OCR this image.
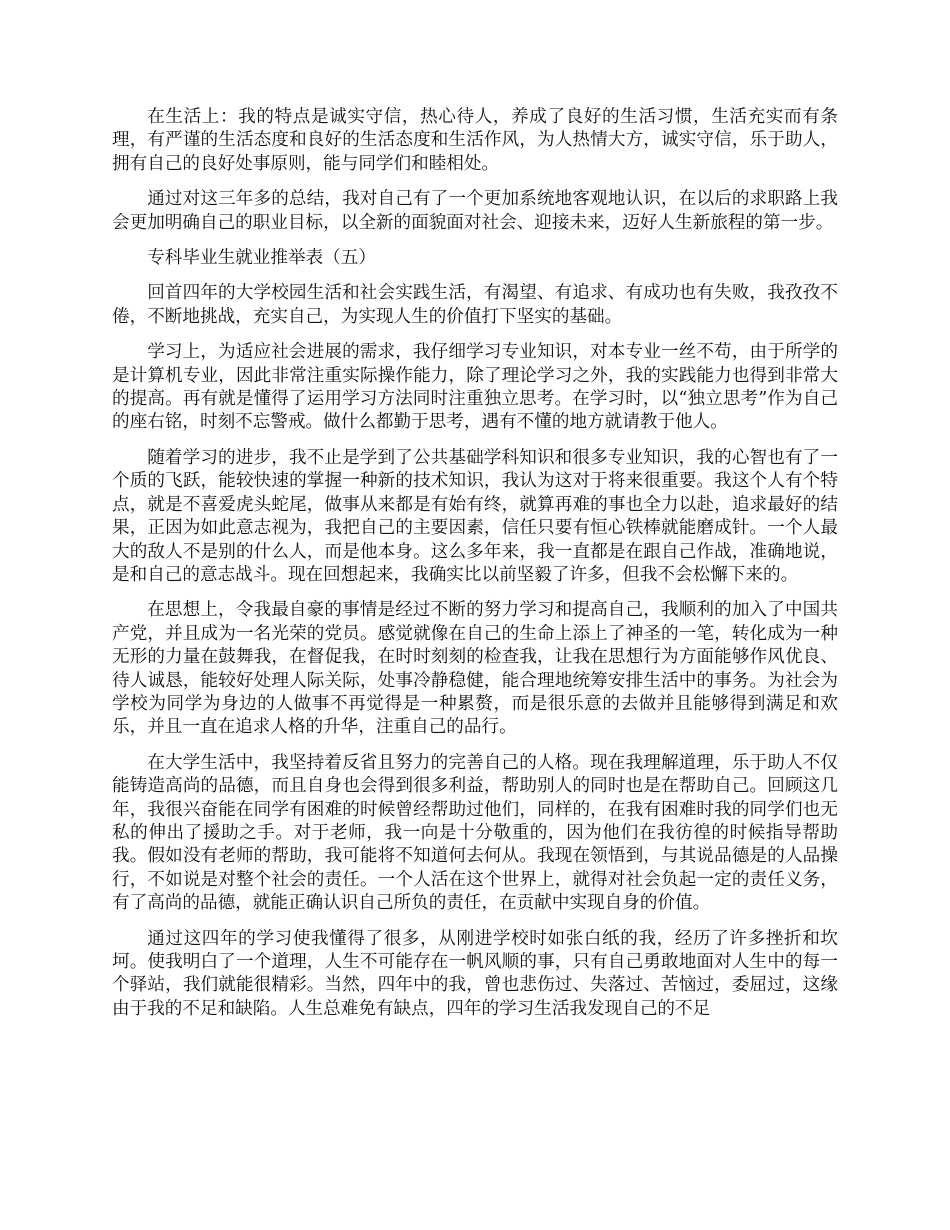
在生活上：我的特点是诚实守信，热心待人，养成了良好的生活习惯，生活充实而有条理，有严谨的生活态度和良好的生活态度和生活作风，为人热情大方，诚实守信，乐于助人，拥有自己的良好处事原则，能与同学们和睦相处。

通过对这三年多的总结，我对自己有了一个更加系统地客观地认识，在以后的求职路上我会更加明确自己的职业目标，以全新的面貌面对社会、迎接未来，迈好人生新旅程的第一步。

专科毕业生就业推举表（五）

回首四年的大学校园生活和社会实践生活，有渴望、有追求、有成功也有失败，我孜孜不倦，不断地挑战，充实自己，为实现人生的价值打下坚实的基础。

学习上，为适应社会进展的需求，我仔细学习专业知识，对本专业一丝不苟，由于所学的是计算机专业，因此非常注重实际操作能力，除了理论学习之外，我的实践能力也得到非常大的提高。再有就是懂得了运用学习方法同时注重独立思考。在学习时，以“独立思考”作为自己的座右铭，时刻不忘警戒。做什么都勤于思考，遇有不懂的地方就请教于他人。

随着学习的进步，我不止是学到了公共基础学科知识和很多专业知识，我的心智也有了一个质的飞跃，能较快速的掌握一种新的技术知识，我认为这对于将来很重要。我这个人有个特点，就是不喜爱虎头蛇尾，做事从来都是有始有终，就算再难的事也全力以赴，追求最好的结果，正因为如此意志视为，我把自己的主要因素，信任只要有恒心铁棒就能磨成针。一个人最大的敌人不是别的什么人，而是他本身。这么多年来，我一直都是在跟自己作战，准确地说，是和自己的意志战斗。现在回想起来，我确实比以前坚毅了许多，但我不会松懈下来的。

在思想上，令我最自豪的事情是经过不断的努力学习和提高自己，我顺利的加入了中国共产党，并且成为一名光荣的党员。感觉就像在自己的生命上添上了神圣的一笔，转化成为一种无形的力量在鼓舞我，在督促我，在时时刻刻的检查我，让我在思想行为方面能够作风优良、待人诚恳，能较好处理人际关际，处事冷静稳健，能合理地统筹安排生活中的事务。为社会为学校为同学为身边的人做事不再觉得是一种累赘，而是很乐意的去做并且能够得到满足和欢乐，并且一直在追求人格的升华，注重自己的品行。

在大学生活中，我坚持着反省且努力的完善自己的人格。现在我理解道理，乐于助人不仅能铸造高尚的品德，而且自身也会得到很多利益，帮助别人的同时也是在帮助自己。回顾这几年，我很兴奋能在同学有困难的时候曾经帮助过他们，同样的，在我有困难时我的同学们也无私的伸出了援助之手。对于老师，我一向是十分敬重的，因为他们在我彷徨的时候指导帮助我。假如没有老师的帮助，我可能将不知道何去何从。我现在领悟到，与其说品德是的人品操行，不如说是对整个社会的责任。一个人活在这个世界上，就得对社会负起一定的责任义务，有了高尚的品德，就能正确认识自己所负的责任，在贡献中实现自身的价值。

通过这四年的学习使我懂得了很多，从刚进学校时如张白纸的我，经历了许多挫折和坎坷。使我明白了一个道理，人生不可能存在一帆风顺的事，只有自己勇敢地面对人生中的每一个驿站，我们就能很精彩。当然，四年中的我，曾也悲伤过、失落过、苦恼过，委屈过，这缘由于我的不足和缺陷。人生总难免有缺点，四年的学习生活我发现自己的不足
